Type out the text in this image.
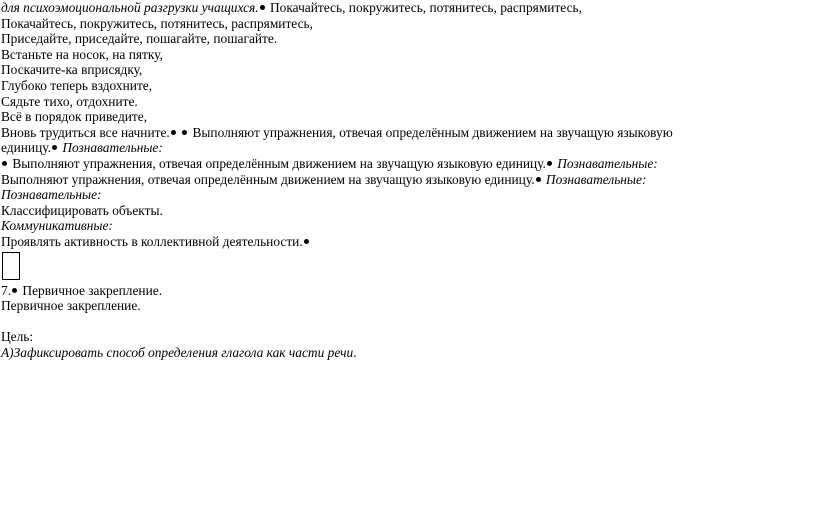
для психоэмоциональной разгрузки учащихся. Покачайтесь, покружитесь, потянитесь, распрямитесь,
Покачайтесь, покружитесь, потянитесь, распрямитесь,
Приседайте, приседайте, пошагайте, пошагайте.
Встаньте на носок, на пятку,
Поскачите-ка вприсядку,
Глубоко теперь вздохните,
Сядьте тихо, отдохните.
Всё в порядок приведите,
Вновь трудиться все начните. Выполняют упражнения, отвечая определённым движением на звучащую языковую
единицу. Познавательные:
Выполняют упражнения, отвечая определённым движением на звучащую языковую единицу. Познавательные:
Выполняют упражнения, отвечая определённым движением на звучащую языковую единицу. Познавательные:
Познавательные:
Классифицировать объекты.
Коммуникативные:
Проявлять активность в коллективной деятельности.
7. Первичное закрепление.
Первичное закрепление.
Цель:
А)Зафиксировать способ определения глагола как части речи.
